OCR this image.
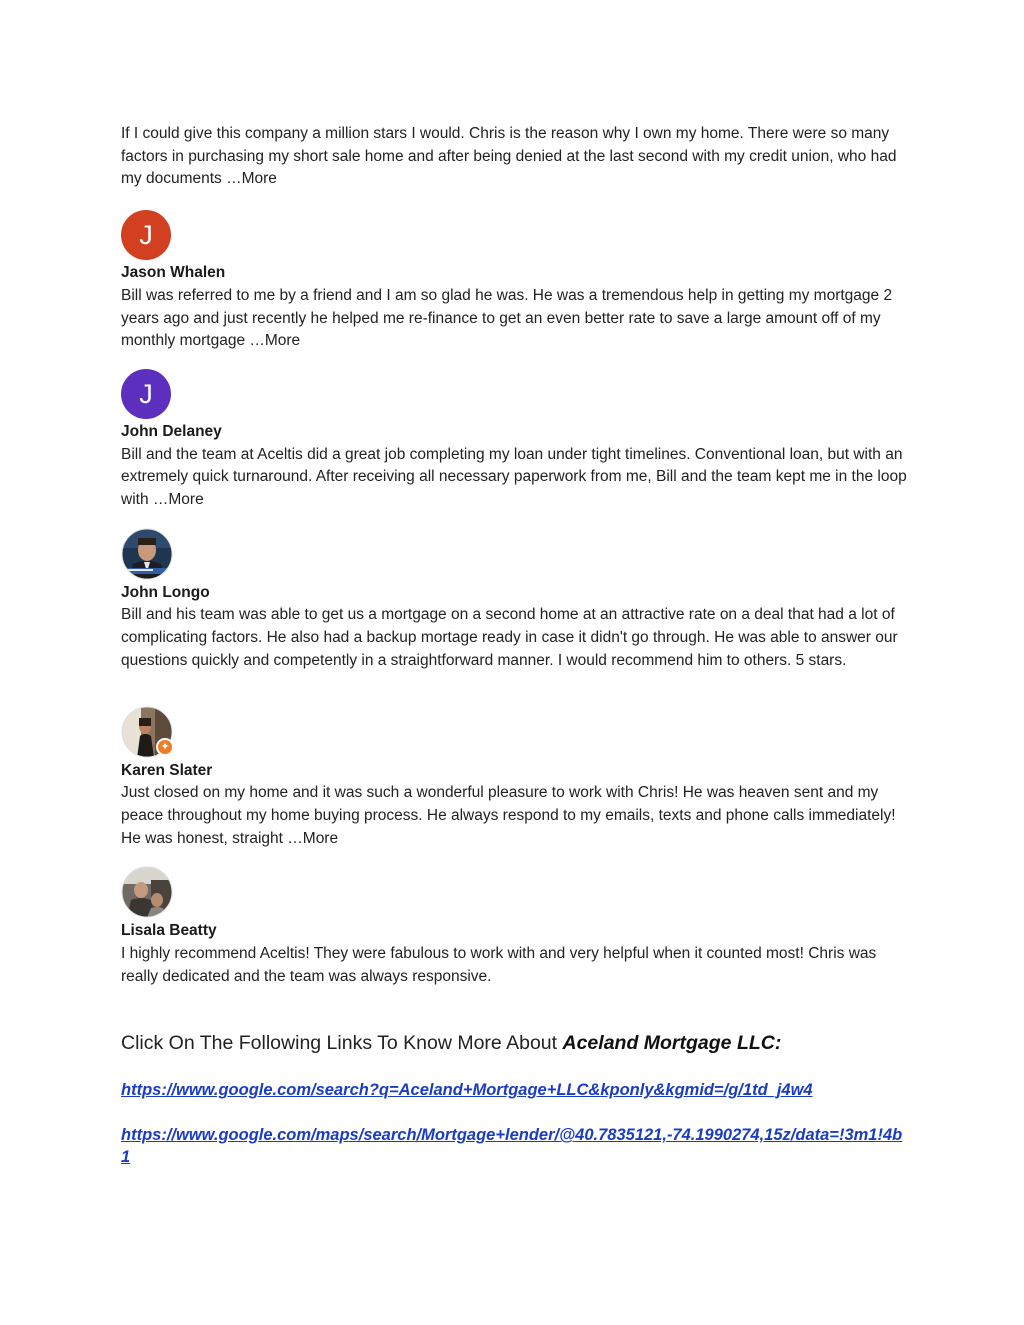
If I could give this company a million stars I would. Chris is the reason why I own my home. There were so many factors in purchasing my short sale home and after being denied at the last second with my credit union, who had my documents …More

J

Jason Whalen

Bill was referred to me by a friend and I am so glad he was. He was a tremendous help in getting my mortgage 2 years ago and just recently he helped me re-finance to get an even better rate to save a large amount off of my monthly mortgage …More

J

John Delaney

Bill and the team at Aceltis did a great job completing my loan under tight timelines. Conventional loan, but with an extremely quick turnaround. After receiving all necessary paperwork from me, Bill and the team kept me in the loop with …More

John Longo

Bill and his team was able to get us a mortgage on a second home at an attractive rate on a deal that had a lot of complicating factors. He also had a backup mortage ready in case it didn't go through. He was able to answer our questions quickly and competently in a straightforward manner. I would recommend him to others. 5 stars.

✦

Karen Slater

Just closed on my home and it was such a wonderful pleasure to work with Chris! He was heaven sent and my peace throughout my home buying process. He always respond to my emails, texts and phone calls immediately! He was honest, straight …More

Lisala Beatty

I highly recommend Aceltis! They were fabulous to work with and very helpful when it counted most! Chris was really dedicated and the team was always responsive.

Click On The Following Links To Know More About Aceland Mortgage LLC:

https://www.google.com/search?q=Aceland+Mortgage+LLC&kponly&kgmid=/g/1td_j4w4
https://www.google.com/maps/search/Mortgage+lender/@40.7835121,-74.1990274,15z/data=!3m1!4b1
